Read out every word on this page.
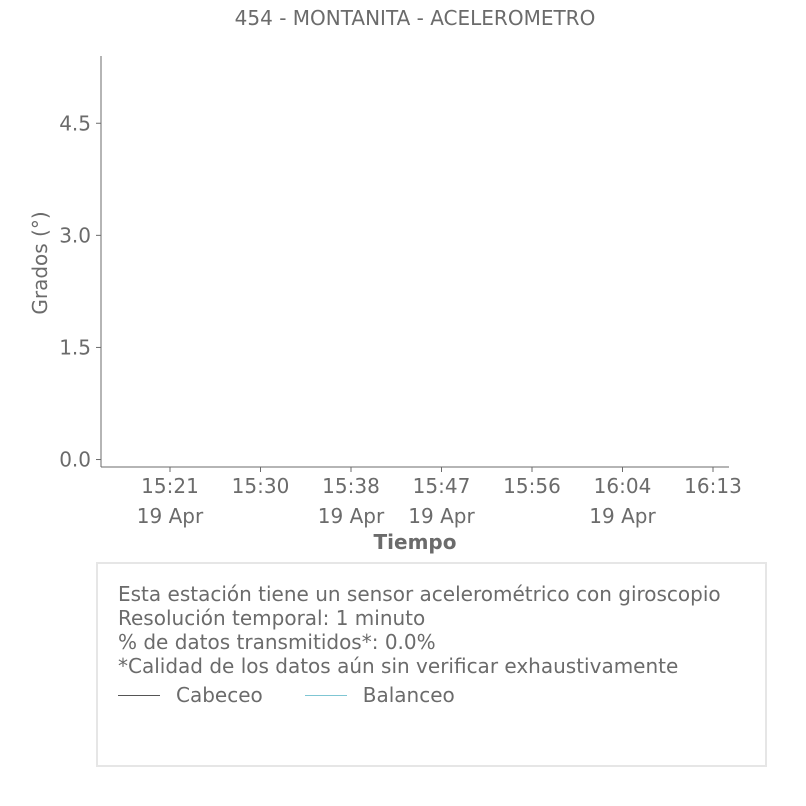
454 - MONTANITA - ACELEROMETRO
0.0
1.5
3.0
4.5
15:21
19 Apr
15:30 15:38
19 Apr
15:47
19 Apr
15:56 16:04
19 Apr
16:13
Grados (°)
Tiempo
Esta estación tiene un sensor acelerométrico con giroscopio
Resolución temporal: 1 minuto
% de datos transmitidos*: 0.0%
*Calidad de los datos aún sin verificar exhaustivamente
Cabeceo	Balanceo
